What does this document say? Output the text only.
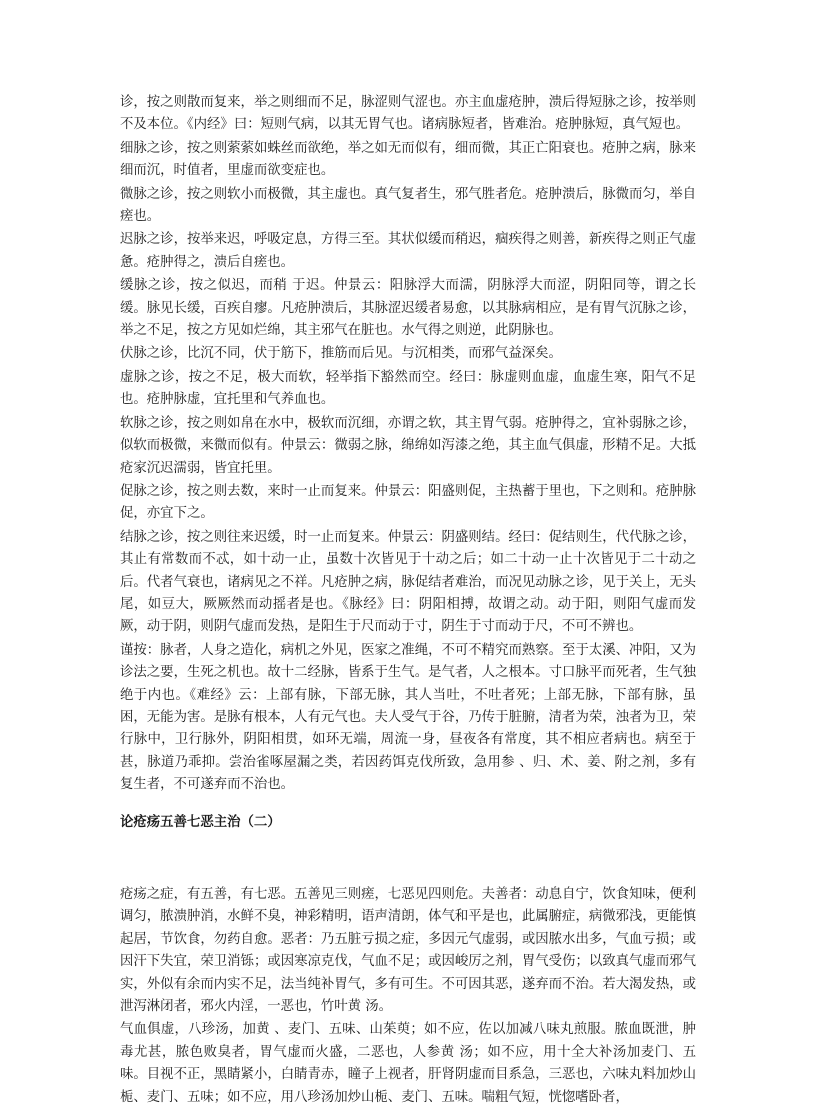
诊，按之则散而复来，举之则细而不足，脉涩则气涩也。亦主血虚疮肿，溃后得短脉之诊，按举则不及本位。《内经》曰：短则气病，以其无胃气也。诸病脉短者，皆难治。疮肿脉短，真气短也。

细脉之诊，按之则萦萦如蛛丝而欲绝，举之如无而似有，细而微，其正亡阳衰也。疮肿之病，脉来细而沉，时值者，里虚而欲变症也。

微脉之诊，按之则软小而极微，其主虚也。真气复者生，邪气胜者危。疮肿溃后，脉微而匀，举自瘥也。

迟脉之诊，按举来迟，呼吸定息，方得三至。其状似缓而稍迟，痼疾得之则善，新疾得之则正气虚惫。疮肿得之，溃后自瘥也。

缓脉之诊，按之似迟，而稍 于迟。仲景云：阳脉浮大而濡，阴脉浮大而涩，阴阳同等，谓之长缓。脉见长缓，百疾自瘳。凡疮肿溃后，其脉涩迟缓者易愈，以其脉病相应，是有胃气沉脉之诊，举之不足，按之方见如烂绵，其主邪气在脏也。水气得之则逆，此阴脉也。

伏脉之诊，比沉不同，伏于筋下，推筋而后见。与沉相类，而邪气益深矣。

虚脉之诊，按之不足，极大而软，轻举指下豁然而空。经曰：脉虚则血虚，血虚生寒，阳气不足也。疮肿脉虚，宜托里和气养血也。

软脉之诊，按之则如帛在水中，极软而沉细，亦谓之软，其主胃气弱。疮肿得之，宜补弱脉之诊，似软而极微，来微而似有。仲景云：微弱之脉，绵绵如泻漆之绝，其主血气俱虚，形精不足。大抵疮家沉迟濡弱，皆宜托里。

促脉之诊，按之则去数，来时一止而复来。仲景云：阳盛则促，主热蓄于里也，下之则和。疮肿脉促，亦宜下之。

结脉之诊，按之则往来迟缓，时一止而复来。仲景云：阴盛则结。经曰：促结则生，代代脉之诊，其止有常数而不忒，如十动一止，虽数十次皆见于十动之后；如二十动一止十次皆见于二十动之后。代者气衰也，诸病见之不祥。凡疮肿之病，脉促结者难治，而况见动脉之诊，见于关上，无头尾，如豆大，厥厥然而动摇者是也。《脉经》曰：阴阳相搏，故谓之动。动于阳，则阳气虚而发厥，动于阴，则阴气虚而发热，是阳生于尺而动于寸，阴生于寸而动于尺，不可不辨也。

谨按：脉者，人身之造化，病机之外见，医家之准绳，不可不精究而熟察。至于太溪、冲阳，又为诊法之要，生死之机也。故十二经脉，皆系于生气。是气者，人之根本。寸口脉平而死者，生气独绝于内也。《难经》云：上部有脉，下部无脉，其人当吐，不吐者死；上部无脉，下部有脉，虽困，无能为害。是脉有根本，人有元气也。夫人受气于谷，乃传于脏腑，清者为荣，浊者为卫，荣行脉中，卫行脉外，阴阳相贯，如环无端，周流一身，昼夜各有常度，其不相应者病也。病至于甚，脉道乃乖抑。尝治雀啄屋漏之类，若因药饵克伐所致，急用参 、归、术、姜、附之剂，多有复生者，不可遂弃而不治也。

论疮疡五善七恶主治（二）

疮疡之症，有五善，有七恶。五善见三则瘥，七恶见四则危。夫善者：动息自宁，饮食知味，便利调匀，脓溃肿消，水鲜不臭，神彩精明，语声清朗，体气和平是也，此属腑症，病微邪浅，更能慎起居，节饮食，勿药自愈。恶者：乃五脏亏损之症，多因元气虚弱，或因脓水出多，气血亏损；或因汗下失宜，荣卫消铄；或因寒凉克伐，气血不足；或因峻厉之剂，胃气受伤；以致真气虚而邪气实，外似有余而内实不足，法当纯补胃气，多有可生。不可因其恶，遂弃而不治。若大渴发热，或泄泻淋闭者，邪火内淫，一恶也，竹叶黄 汤。

气血俱虚，八珍汤，加黄 、麦门、五味、山茱萸；如不应，佐以加减八味丸煎服。脓血既泄，肿毒尤甚，脓色败臭者，胃气虚而火盛，二恶也，人参黄 汤；如不应，用十全大补汤加麦门、五味。目视不正，黑睛紧小，白睛青赤，瞳子上视者，肝肾阴虚而目系急，三恶也，六味丸料加炒山栀、麦门、五味；如不应，用八珍汤加炒山栀、麦门、五味。喘粗气短，恍惚嗜卧者，
